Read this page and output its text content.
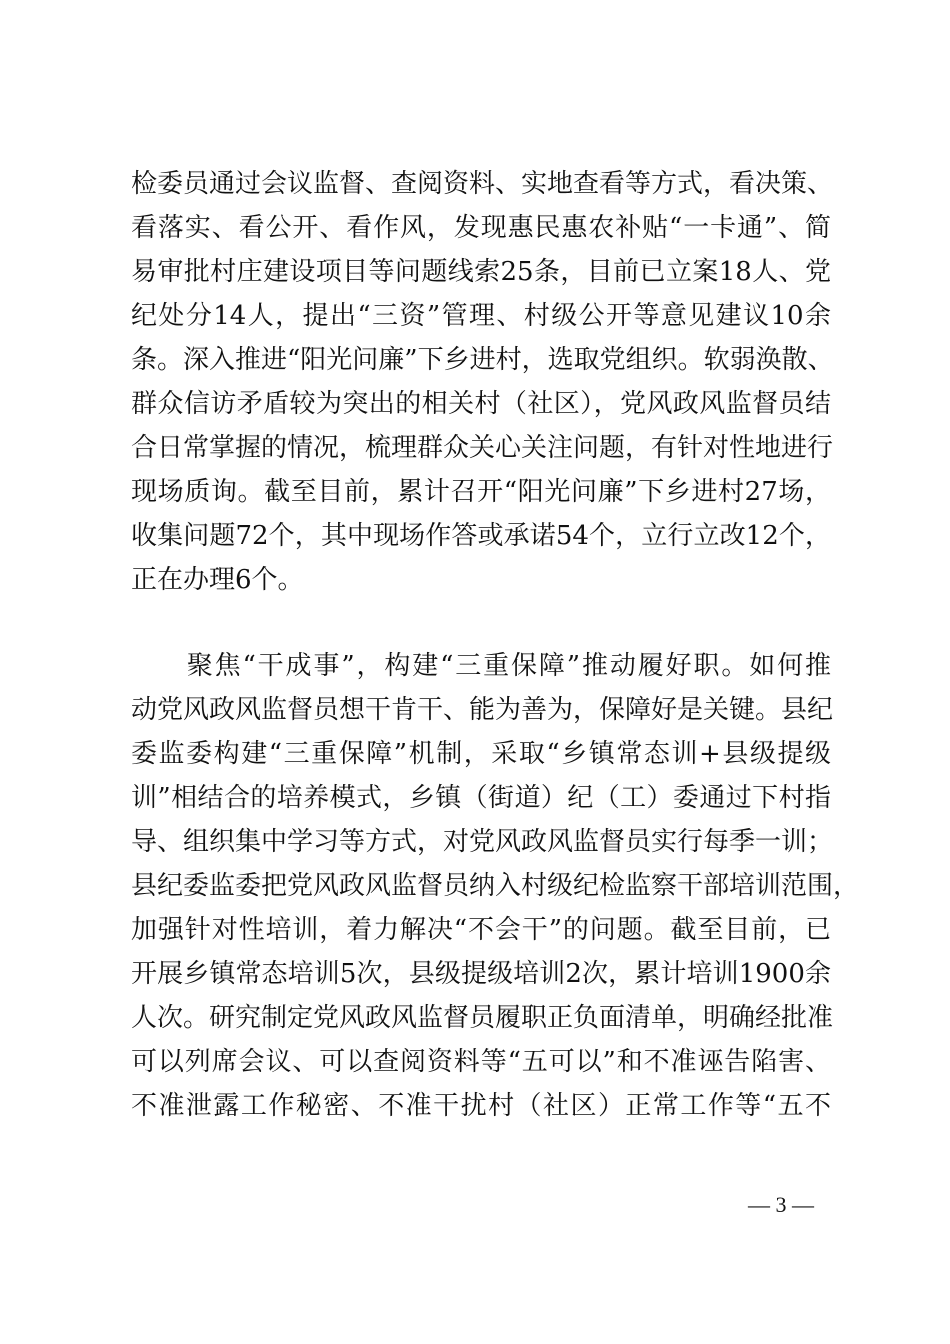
检委员通过会议监督、查阅资料、实地查看等方式，看决策、
看落实、看公开、看作风，发现惠民惠农补贴“一卡通”、简
易审批村庄建设项目等问题线索25条，目前已立案18人、党
纪处分14人，提出“三资”管理、村级公开等意见建议10余
条。深入推进“阳光问廉”下乡进村，选取党组织。软弱涣散、
群众信访矛盾较为突出的相关村（社区），党风政风监督员结
合日常掌握的情况，梳理群众关心关注问题，有针对性地进行
现场质询。截至目前，累计召开“阳光问廉”下乡进村27场，
收集问题72个，其中现场作答或承诺54个，立行立改12个，
正在办理6个。
　　聚焦“干成事”，构建“三重保障”推动履好职。如何推
动党风政风监督员想干肯干、能为善为，保障好是关键。县纪
委监委构建“三重保障”机制，采取“乡镇常态训+县级提级
训”相结合的培养模式，乡镇（街道）纪（工）委通过下村指
导、组织集中学习等方式，对党风政风监督员实行每季一训；
县纪委监委把党风政风监督员纳入村级纪检监察干部培训范围，
加强针对性培训，着力解决“不会干”的问题。截至目前，已
开展乡镇常态培训5次，县级提级培训2次，累计培训1900余
人次。研究制定党风政风监督员履职正负面清单，明确经批准
可以列席会议、可以查阅资料等“五可以”和不准诬告陷害、
不准泄露工作秘密、不准干扰村（社区）正常工作等“五不
— 3 —
